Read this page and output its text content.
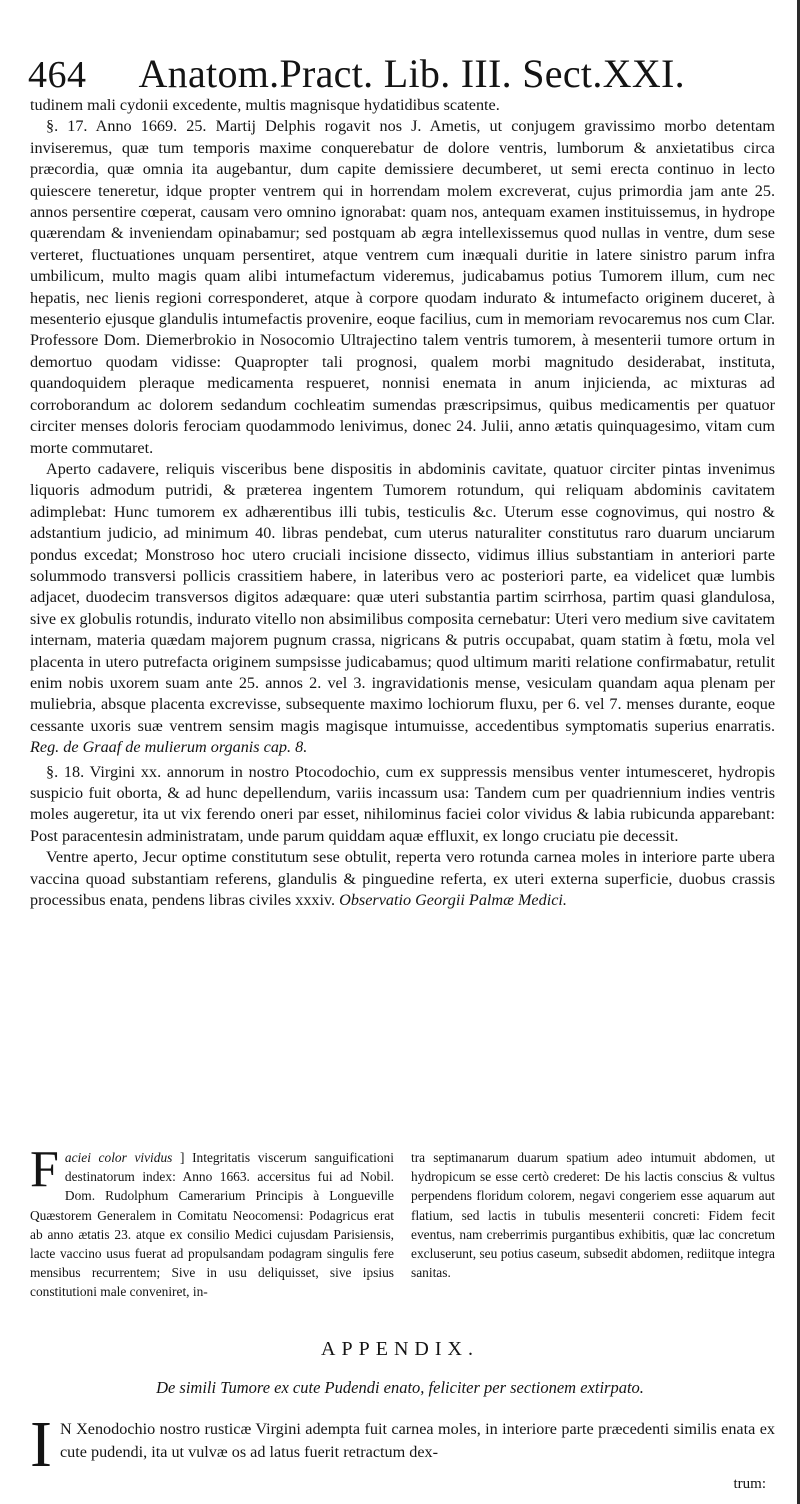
464 Anatom.Pract. Lib. III. Sect.XXI.

tudinem mali cydonii excedente, multis magnisque hydatidibus scatente.

§. 17. Anno 1669. 25. Martij Delphis rogavit nos J. Ametis, ut conjugem gravissimo morbo detentam inviseremus, quæ tum temporis maxime conquerebatur de dolore ventris, lumborum & anxietatibus circa præcordia, quæ omnia ita augebantur, dum capite demissiere decumberet, ut semi erecta continuo in lecto quiescere teneretur, idque propter ventrem qui in horrendam molem excreverat, cujus primordia jam ante 25. annos persentire cœperat, causam vero omnino ignorabat: quam nos, antequam examen instituissemus, in hydrope quærendam & inveniendam opinabamur; sed postquam ab ægra intellexissemus quod nullas in ventre, dum sese verteret, fluctuationes unquam persentiret, atque ventrem cum inæquali duritie in latere sinistro parum infra umbilicum, multo magis quam alibi intumefactum videremus, judicabamus potius Tumorem illum, cum nec hepatis, nec lienis regioni corresponderet, atque à corpore quodam indurato & intumefacto originem duceret, à mesenterio ejusque glandulis intumefactis provenire, eoque facilius, cum in memoriam revocaremus nos cum Clar. Professore Dom. Diemerbrokio in Nosocomio Ultrajectino talem ventris tumorem, à mesenterii tumore ortum in demortuo quodam vidisse: Quapropter tali prognosi, qualem morbi magnitudo desiderabat, instituta, quandoquidem pleraque medicamenta respueret, nonnisi enemata in anum injicienda, ac mixturas ad corroborandum ac dolorem sedandum cochleatim sumendas præscripsimus, quibus medicamentis per quatuor circiter menses doloris ferociam quodammodo lenivimus, donec 24. Julii, anno ætatis quinquagesimo, vitam cum morte commutaret.

Aperto cadavere, reliquis visceribus bene dispositis in abdominis cavitate, quatuor circiter pintas invenimus liquoris admodum putridi, & præterea ingentem Tumorem rotundum, qui reliquam abdominis cavitatem adimplebat: Hunc tumorem ex adhærentibus illi tubis, testiculis &c. Uterum esse cognovimus, qui nostro & adstantium judicio, ad minimum 40. libras pendebat, cum uterus naturaliter constitutus raro duarum unciarum pondus excedat; Monstroso hoc utero cruciali incisione dissecto, vidimus illius substantiam in anteriori parte solummodo transversi pollicis crassitiem habere, in lateribus vero ac posteriori parte, ea videlicet quæ lumbis adjacet, duodecim transversos digitos adæquare: quæ uteri substantia partim scirrhosa, partim quasi glandulosa, sive ex globulis rotundis, indurato vitello non absimilibus composita cernebatur: Uteri vero medium sive cavitatem internam, materia quædam majorem pugnum crassa, nigricans & putris occupabat, quam statim à fœtu, mola vel placenta in utero putrefacta originem sumpsisse judicabamus; quod ultimum mariti relatione confirmabatur, retulit enim nobis uxorem suam ante 25. annos 2. vel 3. ingravidationis mense, vesiculam quandam aqua plenam per muliebria, absque placenta excrevisse, subsequente maximo lochiorum fluxu, per 6. vel 7. menses durante, eoque cessante uxoris suæ ventrem sensim magis magisque intumuisse, accedentibus symptomatis superius enarratis. Reg. de Graaf de mulierum organis cap. 8.

§. 18. Virgini xx. annorum in nostro Ptocodochio, cum ex suppressis mensibus venter intumesceret, hydropis suspicio fuit oborta, & ad hunc depellendum, variis incassum usa: Tandem cum per quadriennium indies ventris moles augeretur, ita ut vix ferendo oneri par esset, nihilominus faciei color vividus & labia rubicunda apparebant: Post paracentesin administratam, unde parum quiddam aquæ effluxit, ex longo cruciatu pie decessit.

Ventre aperto, Jecur optime constitutum sese obtulit, reperta vero rotunda carnea moles in interiore parte ubera vaccina quoad substantiam referens, glandulis & pinguedine referta, ex uteri externa superficie, duobus crassis processibus enata, pendens libras civiles xxxiv. Observatio Georgii Palmæ Medici.

Faciei color vividus ] Integritatis viscerum sanguificationi destinatorum index: Anno 1663. accersitus fui ad Nobil. Dom. Rudolphum Camerarium Principis à Longueville Quæstorem Generalem in Comitatu Neocomensi: Podagricus erat ab anno ætatis 23. atque ex consilio Medici cujusdam Parisiensis, lacte vaccino usus fuerat ad propulsandam podagram singulis fere mensibus recurrentem; Sive in usu deliquisset, sive ipsius constitutioni male conveniret, in-

tra septimanarum duarum spatium adeo intumuit abdomen, ut hydropicum se esse certò crederet: De his lactis conscius & vultus perpendens floridum colorem, negavi congeriem esse aquarum aut flatium, sed lactis in tubulis mesenterii concreti: Fidem fecit eventus, nam creberrimis purgantibus exhibitis, quæ lac concretum excluserunt, seu potius caseum, subsedit abdomen, rediitque integra sanitas.

APPENDIX.
De simili Tumore ex cute Pudendi enato, feliciter per sectionem extirpato.

I N Xenodochio nostro rusticæ Virgini adempta fuit carnea moles, in interiore parte præcedenti similis enata ex cute pudendi, ita ut vulvæ os ad latus fuerit retractum dex-

trum:
